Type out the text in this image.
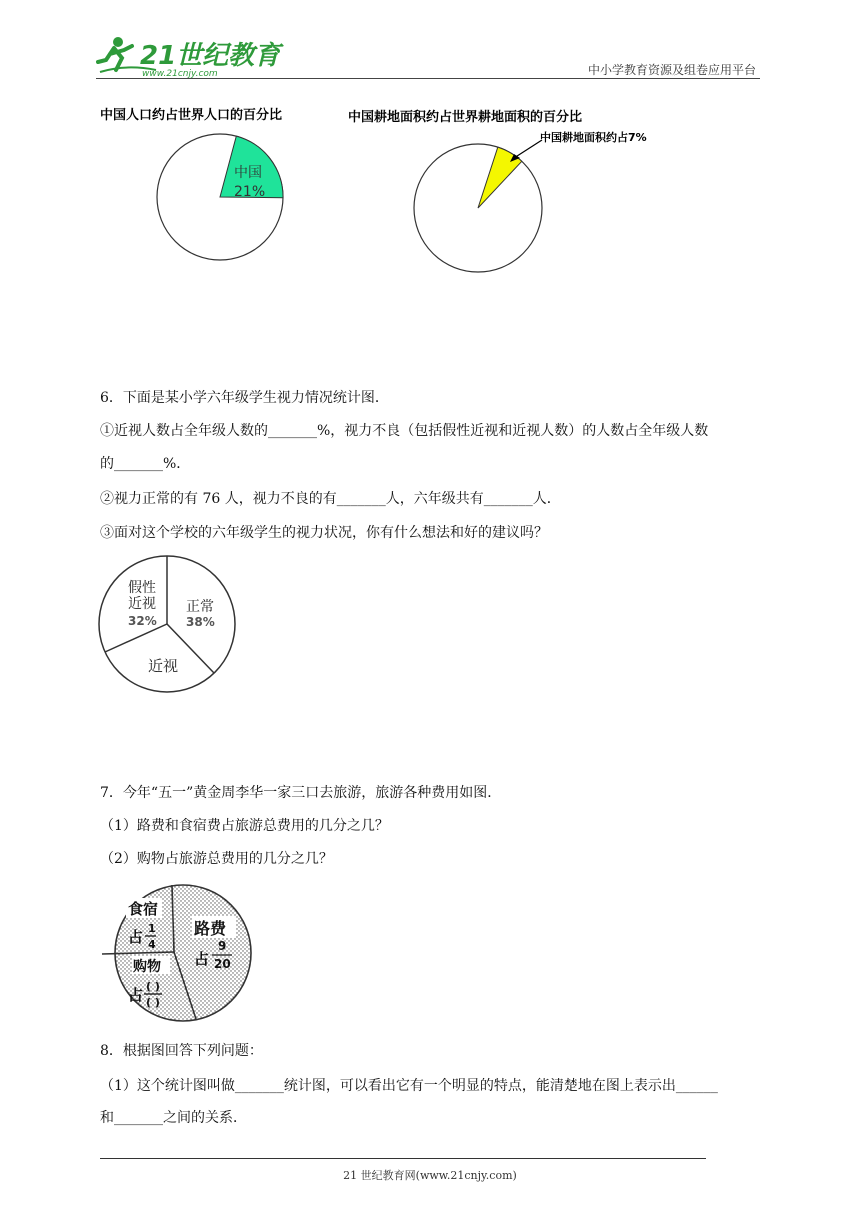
21世纪教育
www.21cnjy.com	中小学教育资源及组卷应用平台
中国人口约占世界人口的百分比	中国耕地面积约占世界耕地面积的百分比
中国
21%
中国耕地面积约占7%
6．下面是某小学六年级学生视力情况统计图．
①近视人数占全年级人数的_______%，视力不良（包括假性近视和近视人数）的人数占全年级人数
的_______%．
②视力正常的有 76 人，视力不良的有_______人，六年级共有_______人．
③面对这个学校的六年级学生的视力状况，你有什么想法和好的建议吗？
假性
近视
32%
正常
38%
近视
7．今年“五一”黄金周李华一家三口去旅游，旅游各种费用如图．
（1）路费和食宿费占旅游总费用的几分之几？
（2）购物占旅游总费用的几分之几？
食宿
占 1
4
路费
占
9
20
购物
占 ( )
( )
8．根据图回答下列问题：
（1）这个统计图叫做_______统计图，可以看出它有一个明显的特点，能清楚地在图上表示出______
和_______之间的关系．
21 世纪教育网(www.21cnjy.com)
